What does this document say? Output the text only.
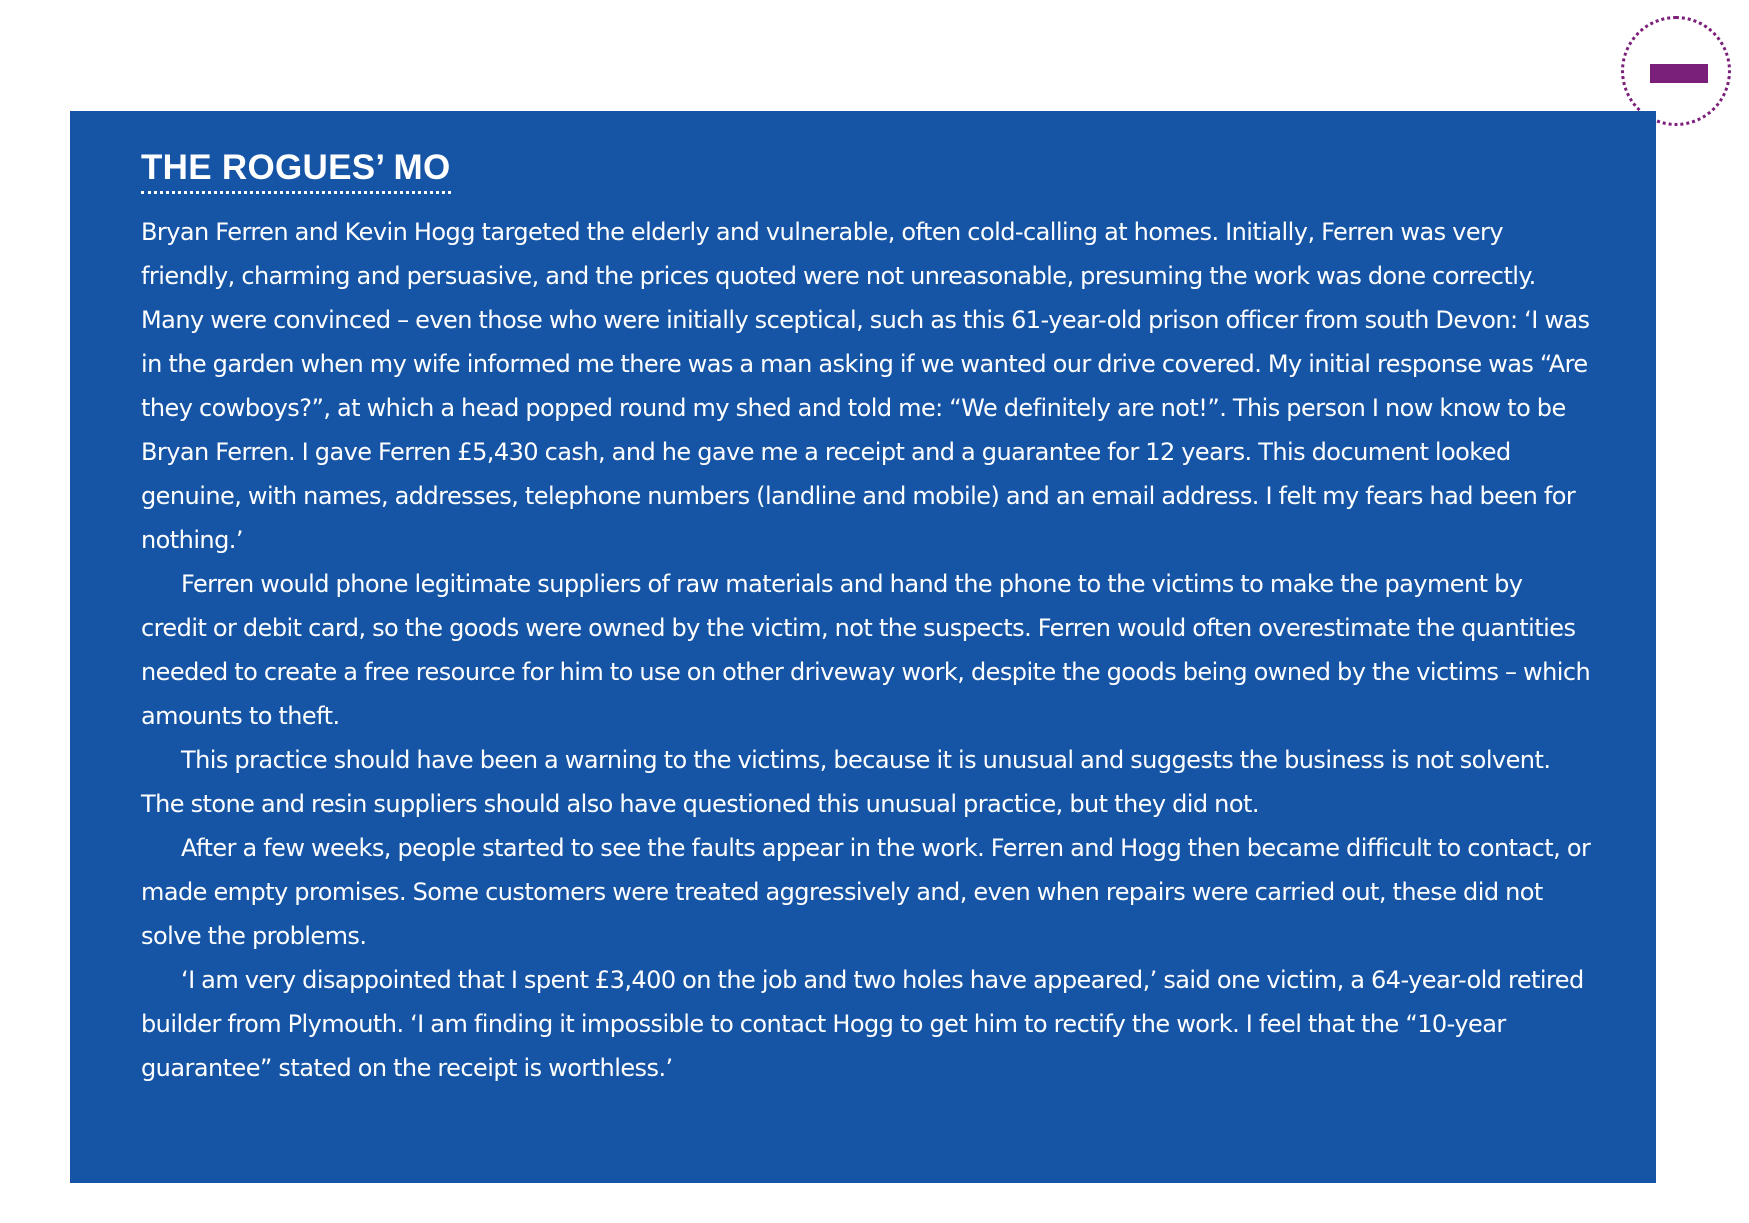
THE ROGUES’ MO

Bryan Ferren and Kevin Hogg targeted the elderly and vulnerable, often cold-calling at homes. Initially, Ferren was very friendly, charming and persuasive, and the prices quoted were not unreasonable, presuming the work was done correctly. Many were convinced – even those who were initially sceptical, such as this 61-year-old prison officer from south Devon: ‘I was in the garden when my wife informed me there was a man asking if we wanted our drive covered. My initial response was “Are they cowboys?”, at which a head popped round my shed and told me: “We definitely are not!”. This person I now know to be Bryan Ferren. I gave Ferren £5,430 cash, and he gave me a receipt and a guarantee for 12 years. This document looked genuine, with names, addresses, telephone numbers (landline and mobile) and an email address. I felt my fears had been for nothing.’

Ferren would phone legitimate suppliers of raw materials and hand the phone to the victims to make the payment by credit or debit card, so the goods were owned by the victim, not the suspects. Ferren would often overestimate the quantities needed to create a free resource for him to use on other driveway work, despite the goods being owned by the victims – which amounts to theft.

This practice should have been a warning to the victims, because it is unusual and suggests the business is not solvent. The stone and resin suppliers should also have questioned this unusual practice, but they did not.

After a few weeks, people started to see the faults appear in the work. Ferren and Hogg then became difficult to contact, or made empty promises. Some customers were treated aggressively and, even when repairs were carried out, these did not solve the problems.

‘I am very disappointed that I spent £3,400 on the job and two holes have appeared,’ said one victim, a 64-year-old retired builder from Plymouth. ‘I am finding it impossible to contact Hogg to get him to rectify the work. I feel that the “10-year guarantee” stated on the receipt is worthless.’
